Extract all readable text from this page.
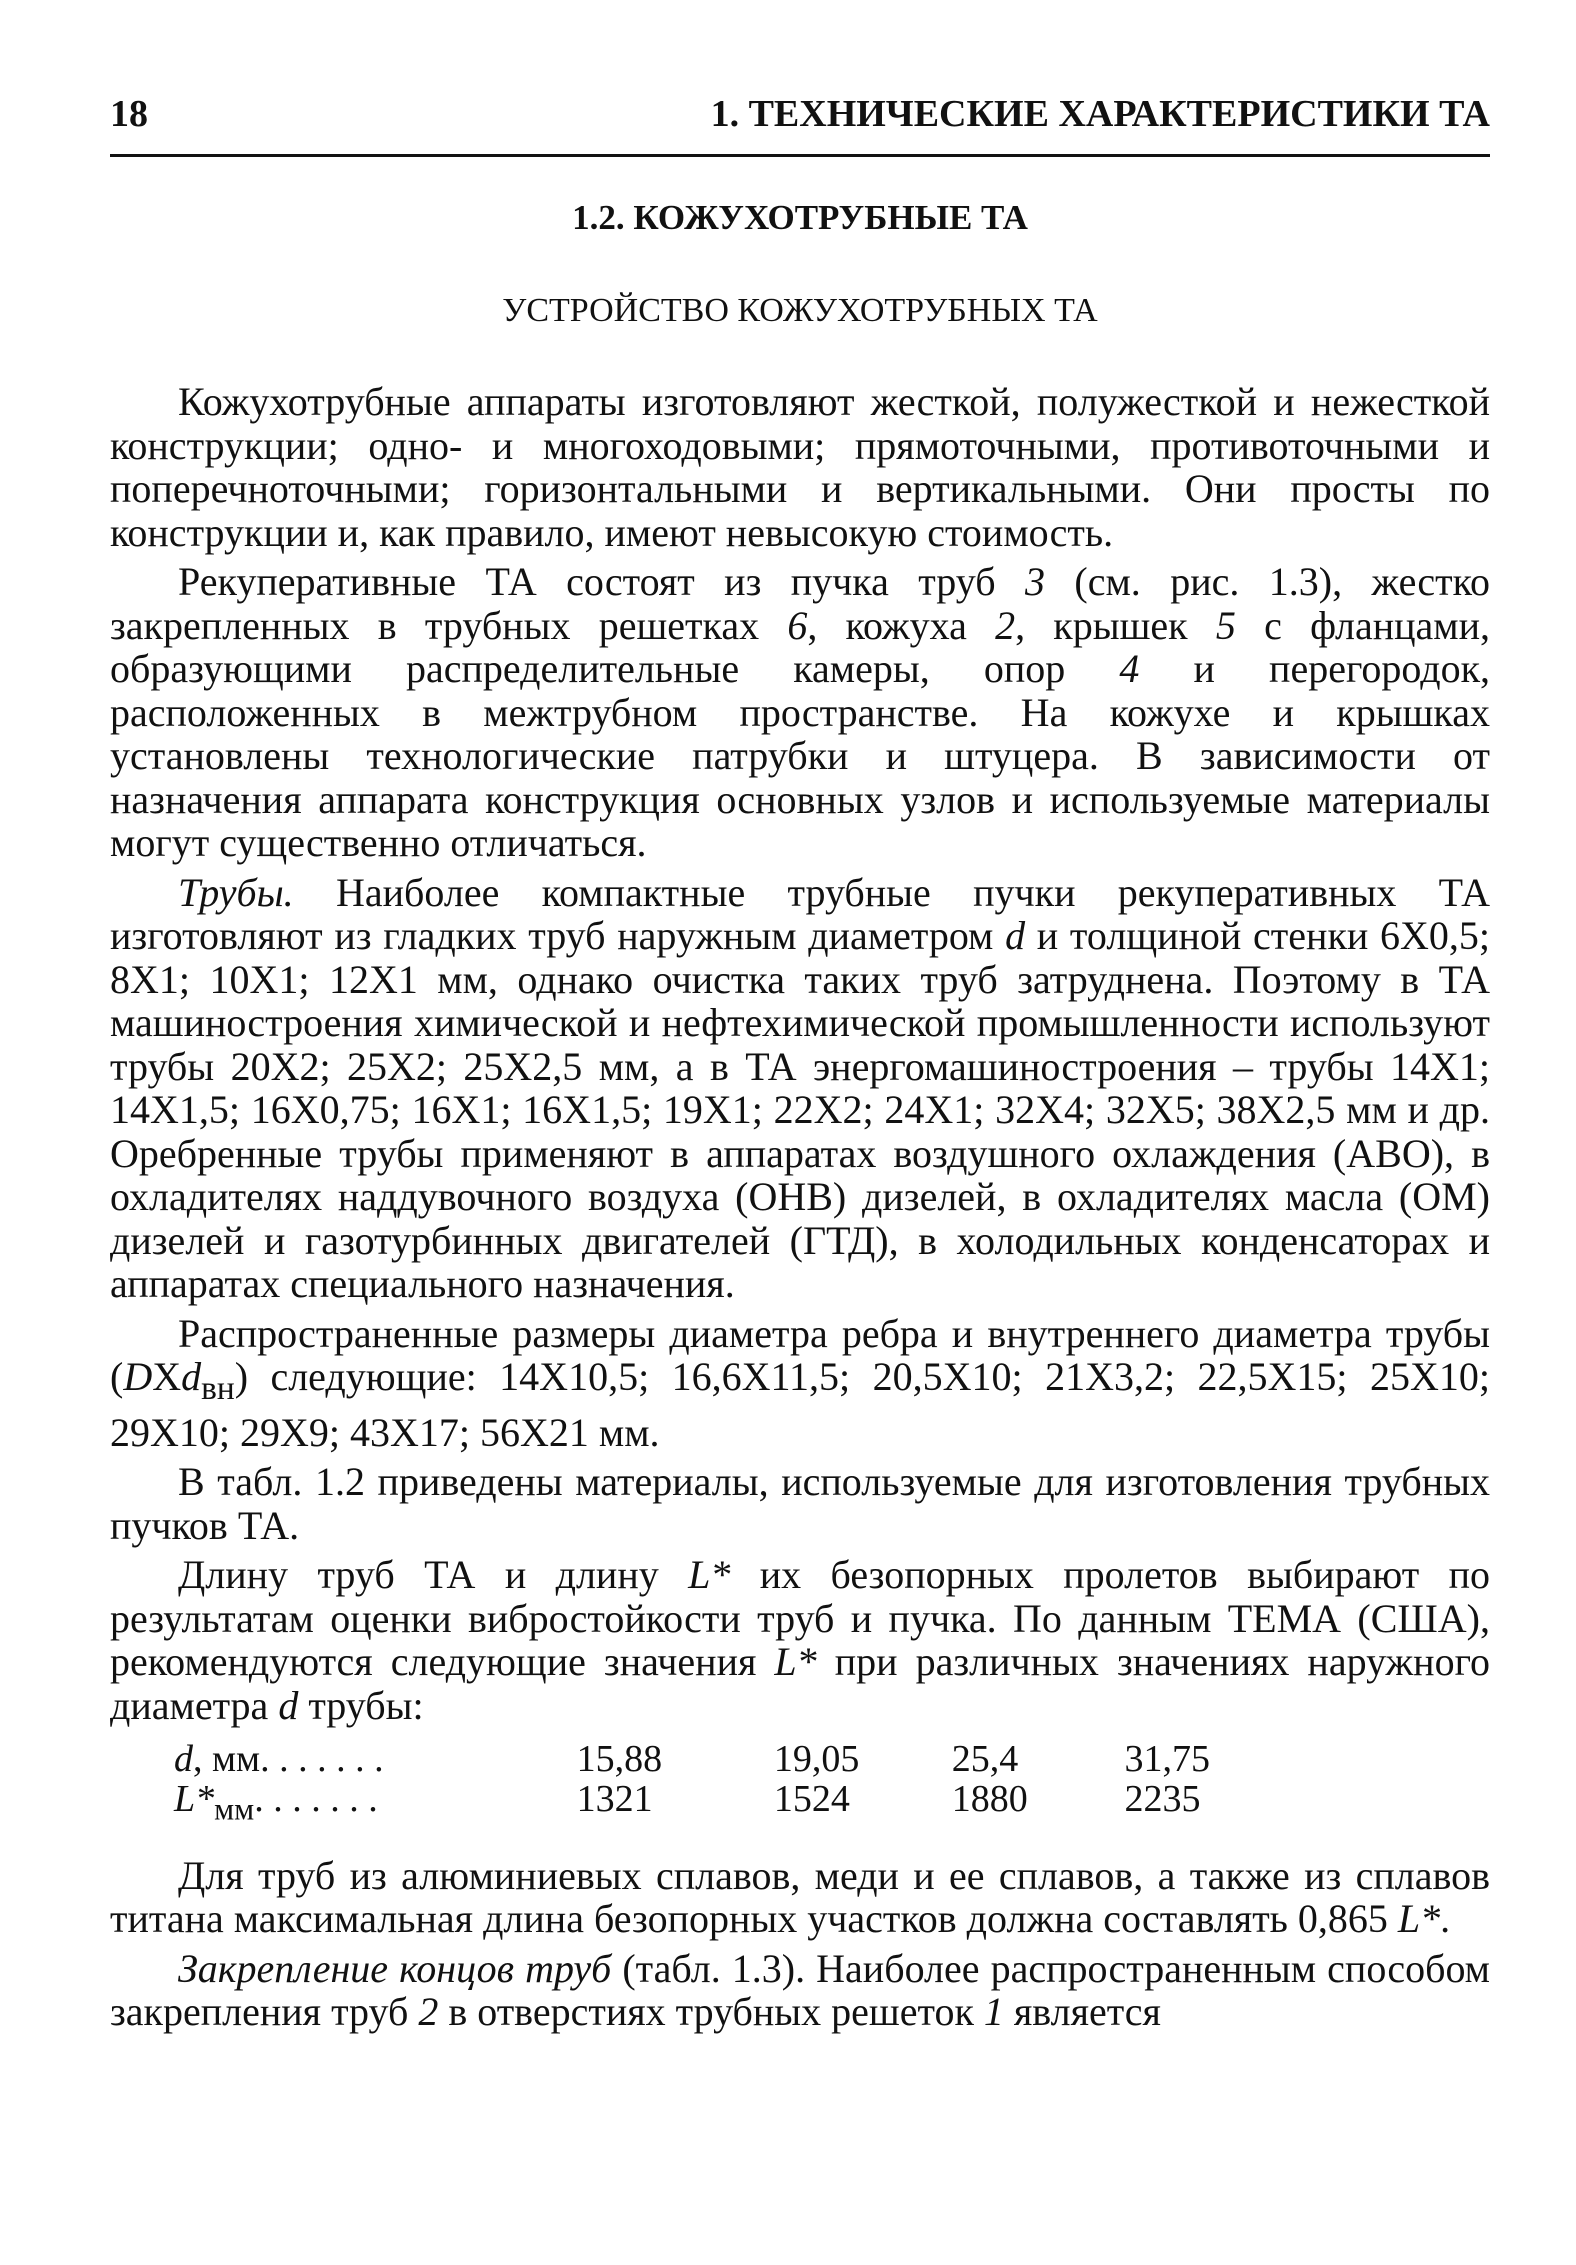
18	1. ТЕХНИЧЕСКИЕ ХАРАКТЕРИСТИКИ ТА
1.2. КОЖУХОТРУБНЫЕ ТА
УСТРОЙСТВО КОЖУХОТРУБНЫХ ТА

Кожухотрубные аппараты изготовляют жесткой, полужесткой и нежесткой конструкции; одно- и многоходовыми; прямоточными, противоточными и поперечноточными; горизонтальными и вертикальными. Они просты по конструкции и, как правило, имеют невысокую стоимость.

Рекуперативные ТА состоят из пучка труб 3 (см. рис. 1.3), жестко закрепленных в трубных решетках 6, кожуха 2, крышек 5 с фланцами, образующими распределительные камеры, опор 4 и перегородок, расположенных в межтрубном пространстве. На кожухе и крышках установлены технологические патрубки и штуцера. В зависимости от назначения аппарата конструкция основных узлов и используемые материалы могут существенно отличаться.

Трубы. Наиболее компактные трубные пучки рекуперативных ТА изготовляют из гладких труб наружным диаметром d и толщиной стенки 6Х0,5; 8Х1; 10Х1; 12Х1 мм, однако очистка таких труб затруднена. Поэтому в ТА машиностроения химической и нефтехимической промышленности используют трубы 20Х2; 25Х2; 25Х2,5 мм, а в ТА энергомашиностроения – трубы 14Х1; 14Х1,5; 16Х0,75; 16Х1; 16Х1,5; 19Х1; 22Х2; 24Х1; 32Х4; 32Х5; 38Х2,5 мм и др. Оребренные трубы применяют в аппаратах воздушного охлаждения (АВО), в охладителях наддувочного воздуха (ОНВ) дизелей, в охладителях масла (ОМ) дизелей и газотурбинных двигателей (ГТД), в холодильных конденсаторах и аппаратах специального назначения.

Распространенные размеры диаметра ребра и внутреннего диаметра трубы (DXd$_{вн}$) следующие: 14Х10,5; 16,6Х11,5; 20,5Х10; 21Х3,2; 22,5Х15; 25Х10; 29Х10; 29Х9; 43Х17; 56Х21 мм.

В табл. 1.2 приведены материалы, используемые для изготовления трубных пучков ТА.

Длину труб ТА и длину L* их безопорных пролетов выбирают по результатам оценки вибростойкости труб и пучка. По данным ТЕМА (США), рекомендуются следующие значения L* при различных значениях наружного диаметра d трубы:

d, мм. . . . . . .	15,88	19,05	25,4	31,75
$L*_{мм}$. . . . . . .	1321	1524	1880	2235

Для труб из алюминиевых сплавов, меди и ее сплавов, а также из сплавов титана максимальная длина безопорных участков должна составлять 0,865 L*.

Закрепление концов труб (табл. 1.3). Наиболее распространенным способом закрепления труб 2 в отверстиях трубных решеток 1 является
